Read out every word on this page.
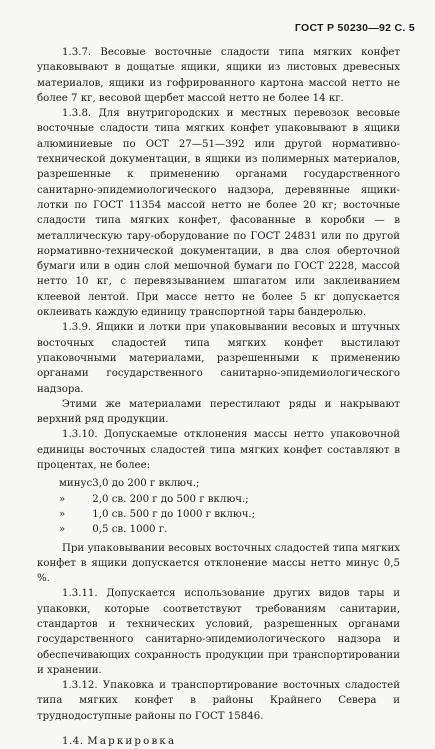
ГОСТ Р 50230—92 С. 5

1.3.7. Весовые восточные сладости типа мягких конфет упаковывают в дощатые ящики, ящики из листовых древесных материалов, ящики из гофрированного картона массой нетто не более 7 кг, весовой щербет массой нетто не более 14 кг.

1.3.8. Для внутригородских и местных перевозок весовые восточные сладости типа мягких конфет упаковывают в ящики алюминиевые по ОСТ 27—51—392 или другой нормативно-технической документации, в ящики из полимерных материалов, разрешенные к применению органами государственного санитарно-эпидемиологического надзора, деревянные ящики-лотки по ГОСТ 11354 массой нетто не более 20 кг; восточные сладости типа мягких конфет, фасованные в коробки — в металлическую тару-оборудование по ГОСТ 24831 или по другой нормативно-технической документации, в два слоя оберточной бумаги или в один слой мешочной бумаги по ГОСТ 2228, массой нетто 10 кг, с перевязыванием шпагатом или заклеиванием клеевой лентой. При массе нетто не более 5 кг допускается оклеивать каждую единицу транспортной тары бандеролью.

1.3.9. Ящики и лотки при упаковывании весовых и штучных восточных сладостей типа мягких конфет выстилают упаковочными материалами, разрешенными к применению органами государственного санитарно-эпидемиологического надзора.

Этими же материалами перестилают ряды и накрывают верхний ряд продукции.

1.3.10. Допускаемые отклонения массы нетто упаковочной единицы восточных сладостей типа мягких конфет составляют в процентах, не более:

минус 3,0 до 200 г включ.;
»	2,0 св. 200 г до 500 г включ.;
»	1,0 св. 500 г до 1000 г включ.;
»	0,5 св. 1000 г.

При упаковывании весовых восточных сладостей типа мягких конфет в ящики допускается отклонение массы нетто минус 0,5 %.

1.3.11. Допускается использование других видов тары и упаковки, которые соответствуют требованиям санитарии, стандартов и технических условий, разрешенных органами государственного санитарно-эпидемиологического надзора и обеспечивающих сохранность продукции при транспортировании и хранении.

1.3.12. Упаковка и транспортирование восточных сладостей типа мягких конфет в районы Крайнего Севера и труднодоступные районы по ГОСТ 15846.

1.4. Маркировка
